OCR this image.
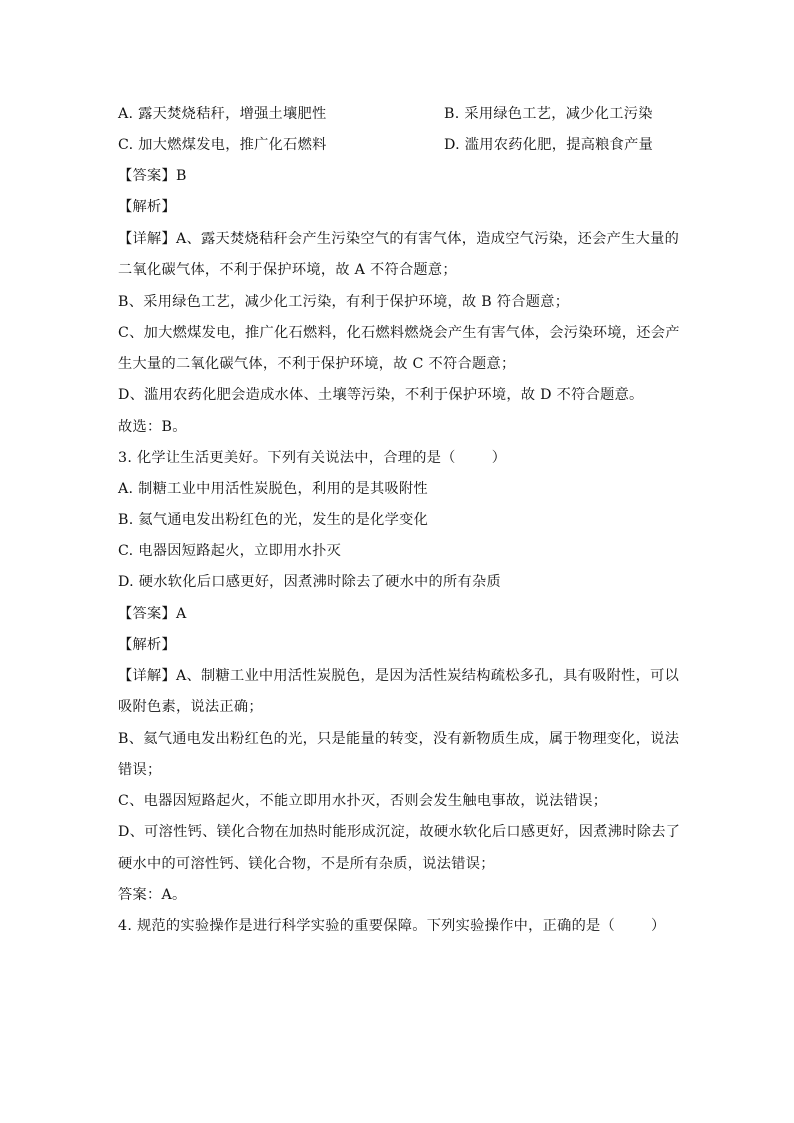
A. 露天焚烧秸秆，增强土壤肥性	B. 采用绿色工艺，减少化工污染
C. 加大燃煤发电，推广化石燃料	D. 滥用农药化肥，提高粮食产量
【答案】B
【解析】
【详解】A、露天焚烧秸秆会产生污染空气的有害气体，造成空气污染，还会产生大量的
二氧化碳气体，不利于保护环境，故 A 不符合题意；
B、采用绿色工艺，减少化工污染，有利于保护环境，故 B 符合题意；
C、加大燃煤发电，推广化石燃料，化石燃料燃烧会产生有害气体，会污染环境，还会产
生大量的二氧化碳气体，不利于保护环境，故 C 不符合题意；
D、滥用农药化肥会造成水体、土壤等污染，不利于保护环境，故 D 不符合题意。
故选：B。
3. 化学让生活更美好。下列有关说法中，合理的是（	）
A. 制糖工业中用活性炭脱色，利用的是其吸附性
B. 氦气通电发出粉红色的光，发生的是化学变化
C. 电器因短路起火，立即用水扑灭
D. 硬水软化后口感更好，因煮沸时除去了硬水中的所有杂质
【答案】A
【解析】
【详解】A、制糖工业中用活性炭脱色，是因为活性炭结构疏松多孔，具有吸附性，可以
吸附色素，说法正确；
B、氦气通电发出粉红色的光，只是能量的转变，没有新物质生成，属于物理变化，说法
错误；
C、电器因短路起火，不能立即用水扑灭，否则会发生触电事故，说法错误；
D、可溶性钙、镁化合物在加热时能形成沉淀，故硬水软化后口感更好，因煮沸时除去了
硬水中的可溶性钙、镁化合物，不是所有杂质，说法错误；
答案：A。
4. 规范的实验操作是进行科学实验的重要保障。下列实验操作中，正确的是（	）
